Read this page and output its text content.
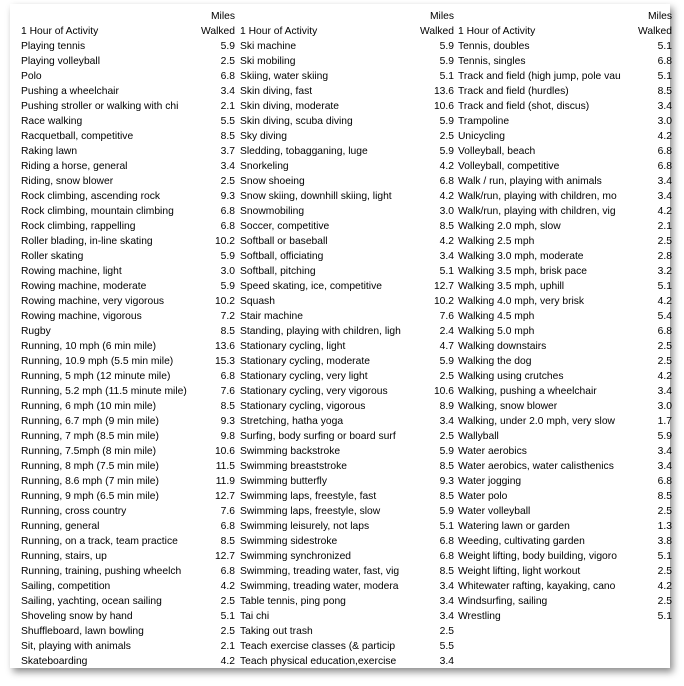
Miles
1 Hour of Activity	Walked
Playing tennis	5.9
Playing volleyball	2.5
Polo	6.8
Pushing a wheelchair	3.4
Pushing stroller or walking with chi	2.1
Race walking	5.5
Racquetball, competitive	8.5
Raking lawn	3.7
Riding a horse, general	3.4
Riding, snow blower	2.5
Rock climbing, ascending rock	9.3
Rock climbing, mountain climbing	6.8
Rock climbing, rappelling	6.8
Roller blading, in-line skating	10.2
Roller skating	5.9
Rowing machine, light	3.0
Rowing machine, moderate	5.9
Rowing machine, very vigorous	10.2
Rowing machine, vigorous	7.2
Rugby	8.5
Running, 10 mph (6 min mile)	13.6
Running, 10.9 mph (5.5 min mile)	15.3
Running, 5 mph (12 minute mile)	6.8
Running, 5.2 mph (11.5 minute mile)	7.6
Running, 6 mph (10 min mile)	8.5
Running, 6.7 mph (9 min mile)	9.3
Running, 7 mph (8.5 min mile)	9.8
Running, 7.5mph (8 min mile)	10.6
Running, 8 mph (7.5 min mile)	11.5
Running, 8.6 mph (7 min mile)	11.9
Running, 9 mph (6.5 min mile)	12.7
Running, cross country	7.6
Running, general	6.8
Running, on a track, team practice	8.5
Running, stairs, up	12.7
Running, training, pushing wheelch	6.8
Sailing, competition	4.2
Sailing, yachting, ocean sailing	2.5
Shoveling snow by hand	5.1
Shuffleboard, lawn bowling	2.5
Sit, playing with animals	2.1
Skateboarding	4.2
Miles
1 Hour of Activity	Walked
Ski machine	5.9
Ski mobiling	5.9
Skiing, water skiing	5.1
Skin diving, fast	13.6
Skin diving, moderate	10.6
Skin diving, scuba diving	5.9
Sky diving	2.5
Sledding, tobagganing, luge	5.9
Snorkeling	4.2
Snow shoeing	6.8
Snow skiing, downhill skiing, light	4.2
Snowmobiling	3.0
Soccer, competitive	8.5
Softball or baseball	4.2
Softball, officiating	3.4
Softball, pitching	5.1
Speed skating, ice, competitive	12.7
Squash	10.2
Stair machine	7.6
Standing, playing with children, ligh	2.4
Stationary cycling, light	4.7
Stationary cycling, moderate	5.9
Stationary cycling, very light	2.5
Stationary cycling, very vigorous	10.6
Stationary cycling, vigorous	8.9
Stretching, hatha yoga	3.4
Surfing, body surfing or board surf	2.5
Swimming backstroke	5.9
Swimming breaststroke	8.5
Swimming butterfly	9.3
Swimming laps, freestyle, fast	8.5
Swimming laps, freestyle, slow	5.9
Swimming leisurely, not laps	5.1
Swimming sidestroke	6.8
Swimming synchronized	6.8
Swimming, treading water, fast, vig	8.5
Swimming, treading water, modera	3.4
Table tennis, ping pong	3.4
Tai chi	3.4
Taking out trash	2.5
Teach exercise classes (& particip	5.5
Teach physical education,exercise	3.4
Miles
1 Hour of Activity	Walked
Tennis, doubles	5.1
Tennis, singles	6.8
Track and field (high jump, pole vau	5.1
Track and field (hurdles)	8.5
Track and field (shot, discus)	3.4
Trampoline	3.0
Unicycling	4.2
Volleyball, beach	6.8
Volleyball, competitive	6.8
Walk / run, playing with animals	3.4
Walk/run, playing with children, mo	3.4
Walk/run, playing with children, vig	4.2
Walking 2.0 mph, slow	2.1
Walking 2.5 mph	2.5
Walking 3.0 mph, moderate	2.8
Walking 3.5 mph, brisk pace	3.2
Walking 3.5 mph, uphill	5.1
Walking 4.0 mph, very brisk	4.2
Walking 4.5 mph	5.4
Walking 5.0 mph	6.8
Walking downstairs	2.5
Walking the dog	2.5
Walking using crutches	4.2
Walking, pushing a wheelchair	3.4
Walking, snow blower	3.0
Walking, under 2.0 mph, very slow	1.7
Wallyball	5.9
Water aerobics	3.4
Water aerobics, water calisthenics	3.4
Water jogging	6.8
Water polo	8.5
Water volleyball	2.5
Watering lawn or garden	1.3
Weeding, cultivating garden	3.8
Weight lifting, body building, vigoro	5.1
Weight lifting, light workout	2.5
Whitewater rafting, kayaking, cano	4.2
Windsurfing, sailing	2.5
Wrestling	5.1
